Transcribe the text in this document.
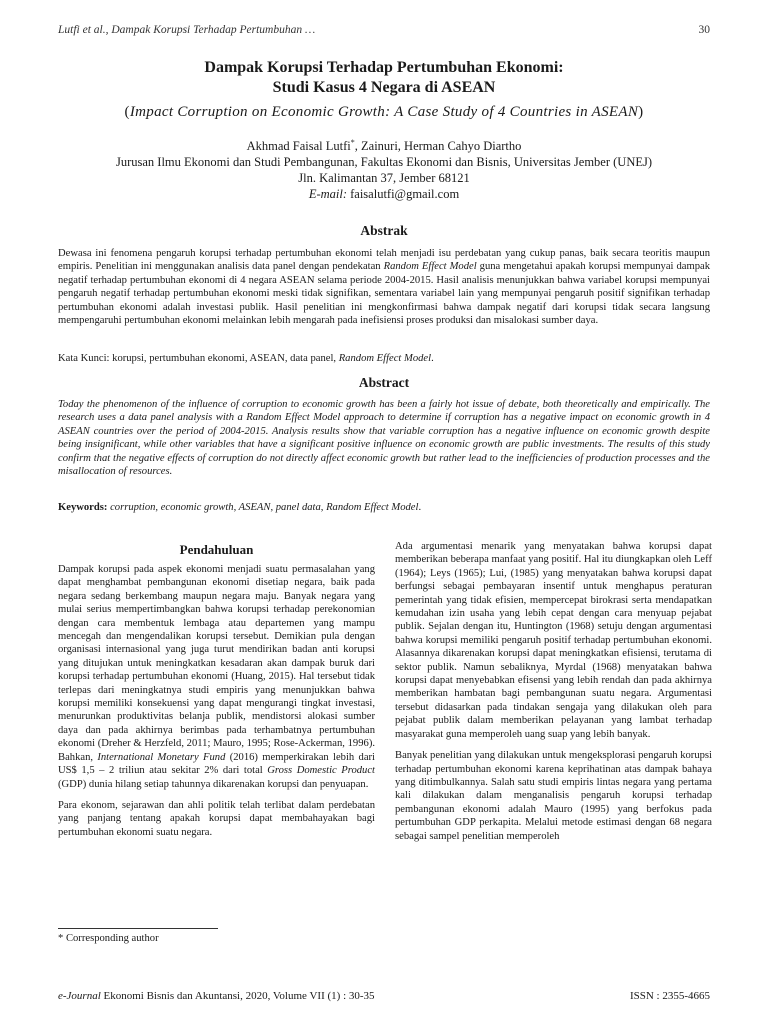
Lutfi et al., Dampak Korupsi Terhadap Pertumbuhan …	30
Dampak Korupsi Terhadap Pertumbuhan Ekonomi:
Studi Kasus 4 Negara di ASEAN
(Impact Corruption on Economic Growth: A Case Study of 4 Countries in ASEAN)
Akhmad Faisal Lutfi*, Zainuri, Herman Cahyo Diartho
Jurusan Ilmu Ekonomi dan Studi Pembangunan, Fakultas Ekonomi dan Bisnis, Universitas Jember (UNEJ)
Jln. Kalimantan 37, Jember 68121
E-mail: faisalutfi@gmail.com
Abstrak
Dewasa ini fenomena pengaruh korupsi terhadap pertumbuhan ekonomi telah menjadi isu perdebatan yang cukup panas, baik secara teoritis maupun empiris. Penelitian ini menggunakan analisis data panel dengan pendekatan Random Effect Model guna mengetahui apakah korupsi mempunyai dampak negatif terhadap pertumbuhan ekonomi di 4 negara ASEAN selama periode 2004-2015. Hasil analisis menunjukkan bahwa variabel korupsi mempunyai pengaruh negatif terhadap pertumbuhan ekonomi meski tidak signifikan, sementara variabel lain yang mempunyai pengaruh positif signifikan terhadap pertumbuhan ekonomi adalah investasi publik. Hasil penelitian ini mengkonfirmasi bahwa dampak negatif dari korupsi tidak secara langsung mempengaruhi pertumbuhan ekonomi melainkan lebih mengarah pada inefisiensi proses produksi dan misalokasi sumber daya.
Kata Kunci: korupsi, pertumbuhan ekonomi, ASEAN, data panel, Random Effect Model.
Abstract
Today the phenomenon of the influence of corruption to economic growth has been a fairly hot issue of debate, both theoretically and empirically. The research uses a data panel analysis with a Random Effect Model approach to determine if corruption has a negative impact on economic growth in 4 ASEAN countries over the period of 2004-2015. Analysis results show that variable corruption has a negative influence on economic growth despite being insignificant, while other variables that have a significant positive influence on economic growth are public investments. The results of this study confirm that the negative effects of corruption do not directly affect economic growth but rather lead to the inefficiencies of production processes and the misallocation of resources.
Keywords: corruption, economic growth, ASEAN, panel data, Random Effect Model.
Pendahuluan

Dampak korupsi pada aspek ekonomi menjadi suatu permasalahan yang dapat menghambat pembangunan ekonomi disetiap negara, baik pada negara sedang berkembang maupun negara maju. Banyak negara yang mulai serius mempertimbangkan bahwa korupsi terhadap perekonomian dengan cara membentuk lembaga atau departemen yang mampu mencegah dan mengendalikan korupsi tersebut. Demikian pula dengan organisasi internasional yang juga turut mendirikan badan anti korupsi yang ditujukan untuk meningkatkan kesadaran akan dampak buruk dari korupsi terhadap pertumbuhan ekonomi (Huang, 2015). Hal tersebut tidak terlepas dari meningkatnya studi empiris yang menunjukkan bahwa korupsi memiliki konsekuensi yang dapat mengurangi tingkat investasi, menurunkan produktivitas belanja publik, mendistorsi alokasi sumber daya dan pada akhirnya berimbas pada terhambatnya pertumbuhan ekonomi (Dreher & Herzfeld, 2011; Mauro, 1995; Rose-Ackerman, 1996). Bahkan, International Monetary Fund (2016) memperkirakan lebih dari US$ 1,5 – 2 triliun atau sekitar 2% dari total Gross Domestic Product (GDP) dunia hilang setiap tahunnya dikarenakan korupsi dan penyuapan.

Para ekonom, sejarawan dan ahli politik telah terlibat dalam perdebatan yang panjang tentang apakah korupsi dapat membahayakan bagi pertumbuhan ekonomi suatu negara.

Ada argumentasi menarik yang menyatakan bahwa korupsi dapat memberikan beberapa manfaat yang positif. Hal itu diungkapkan oleh Leff (1964); Leys (1965); Lui, (1985) yang menyatakan bahwa korupsi dapat berfungsi sebagai pembayaran insentif untuk menghapus peraturan pemerintah yang tidak efisien, mempercepat birokrasi serta mendapatkan kemudahan izin usaha yang lebih cepat dengan cara menyuap pejabat publik. Sejalan dengan itu, Huntington (1968) setuju dengan argumentasi bahwa korupsi memiliki pengaruh positif terhadap pertumbuhan ekonomi. Alasannya dikarenakan korupsi dapat meningkatkan efisiensi, terutama di sektor publik. Namun sebaliknya, Myrdal (1968) menyatakan bahwa korupsi dapat menyebabkan efisensi yang lebih rendah dan pada akhirnya memberikan hambatan bagi pembangunan suatu negara. Argumentasi tersebut didasarkan pada tindakan sengaja yang dilakukan oleh para pejabat publik dalam memberikan pelayanan yang lambat terhadap masyarakat guna memperoleh uang suap yang lebih banyak.

Banyak penelitian yang dilakukan untuk mengeksplorasi pengaruh korupsi terhadap pertumbuhan ekonomi karena keprihatinan atas dampak bahaya yang ditimbulkannya. Salah satu studi empiris lintas negara yang pertama kali dilakukan dalam menganalisis pengaruh korupsi terhadap pembangunan ekonomi adalah Mauro (1995) yang berfokus pada pertumbuhan GDP perkapita. Melalui metode estimasi dengan 68 negara sebagai sampel penelitian memperoleh

* Corresponding author
e-Journal Ekonomi Bisnis dan Akuntansi, 2020, Volume VII (1) : 30-35	ISSN : 2355-4665
